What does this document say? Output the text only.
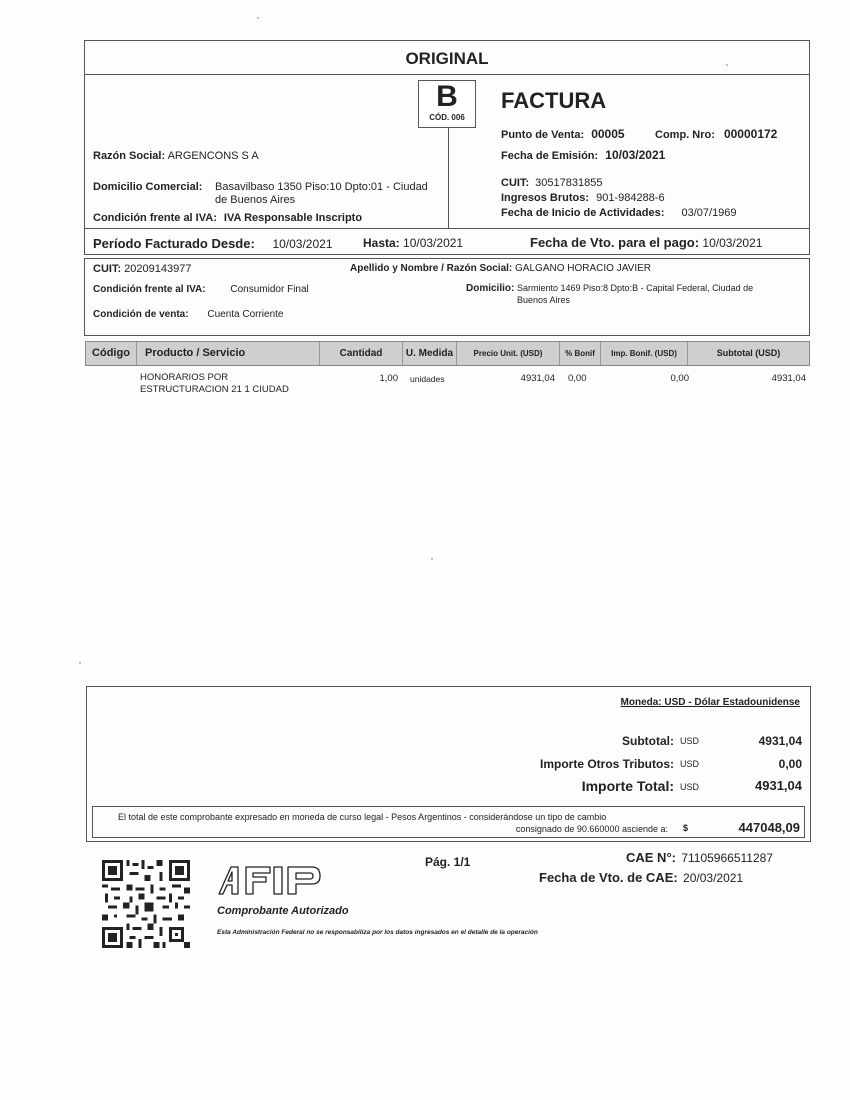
ORIGINAL
B
CÓD. 006
FACTURA
Razón Social: ARGENCONS S A
Domicilio Comercial: Basavilbaso 1350 Piso:10 Dpto:01 - Ciudad
de Buenos Aires
Condición frente al IVA: IVA Responsable Inscripto
Punto de Venta: 00005	Comp. Nro: 00000172
Fecha de Emisión: 10/03/2021
CUIT: 30517831855
Ingresos Brutos: 901-984288-6
Fecha de Inicio de Actividades: 03/07/1969
Período Facturado Desde: 10/03/2021	Hasta: 10/03/2021	Fecha de Vto. para el pago: 10/03/2021
CUIT: 20209143977	Apellido y Nombre / Razón Social: GALGANO HORACIO JAVIER
Condición frente al IVA: Consumidor Final	Domicilio: Sarmiento 1469 Piso:8 Dpto:B - Capital Federal, Ciudad de
Buenos Aires
Condición de venta: Cuenta Corriente
Código	Producto / Servicio	Cantidad	U. Medida	Precio Unit. (USD)	% Bonif	Imp. Bonif. (USD)	Subtotal (USD)
HONORARIOS POR
ESTRUCTURACION 21 1 CIUDAD
1,00 unidades	4931,04 0,00	0,00	4931,04
Moneda: USD - Dólar Estadounidense
Subtotal: USD	4931,04
Importe Otros Tributos: USD	0,00
Importe Total: USD	4931,04
El total de este comprobante expresado en moneda de curso legal - Pesos Argentinos - considerándose un tipo de cambio
consignado de 90.660000 asciende a: $	447048,09
Comprobante Autorizado
Esta Administración Federal no se responsabiliza por los datos ingresados en el detalle de la operación
Pág. 1/1	CAE N°: 71105966511287
Fecha de Vto. de CAE: 20/03/2021
